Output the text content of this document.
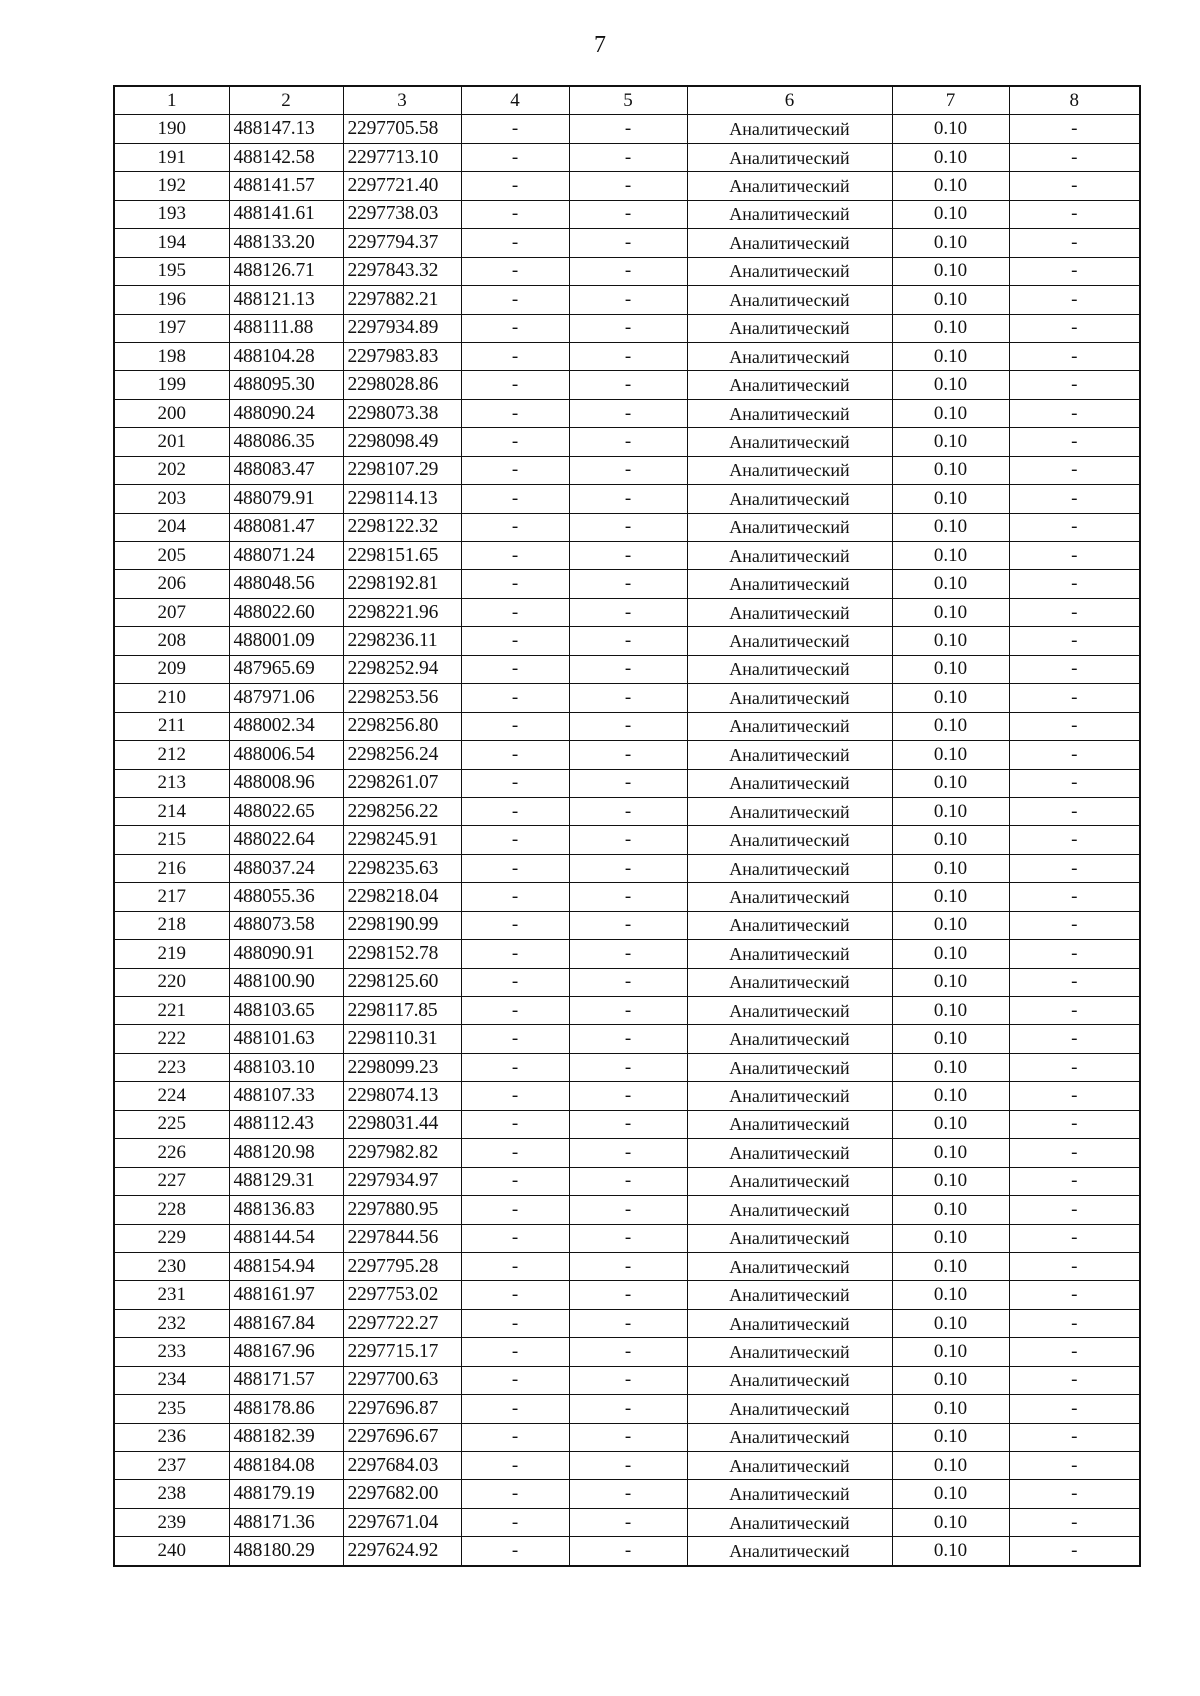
7
1	2	3	4	5	6	7	8
190	488147.13	2297705.58	-	-	Аналитический	0.10	-
191	488142.58	2297713.10	-	-	Аналитический	0.10	-
192	488141.57	2297721.40	-	-	Аналитический	0.10	-
193	488141.61	2297738.03	-	-	Аналитический	0.10	-
194	488133.20	2297794.37	-	-	Аналитический	0.10	-
195	488126.71	2297843.32	-	-	Аналитический	0.10	-
196	488121.13	2297882.21	-	-	Аналитический	0.10	-
197	488111.88	2297934.89	-	-	Аналитический	0.10	-
198	488104.28	2297983.83	-	-	Аналитический	0.10	-
199	488095.30	2298028.86	-	-	Аналитический	0.10	-
200	488090.24	2298073.38	-	-	Аналитический	0.10	-
201	488086.35	2298098.49	-	-	Аналитический	0.10	-
202	488083.47	2298107.29	-	-	Аналитический	0.10	-
203	488079.91	2298114.13	-	-	Аналитический	0.10	-
204	488081.47	2298122.32	-	-	Аналитический	0.10	-
205	488071.24	2298151.65	-	-	Аналитический	0.10	-
206	488048.56	2298192.81	-	-	Аналитический	0.10	-
207	488022.60	2298221.96	-	-	Аналитический	0.10	-
208	488001.09	2298236.11	-	-	Аналитический	0.10	-
209	487965.69	2298252.94	-	-	Аналитический	0.10	-
210	487971.06	2298253.56	-	-	Аналитический	0.10	-
211	488002.34	2298256.80	-	-	Аналитический	0.10	-
212	488006.54	2298256.24	-	-	Аналитический	0.10	-
213	488008.96	2298261.07	-	-	Аналитический	0.10	-
214	488022.65	2298256.22	-	-	Аналитический	0.10	-
215	488022.64	2298245.91	-	-	Аналитический	0.10	-
216	488037.24	2298235.63	-	-	Аналитический	0.10	-
217	488055.36	2298218.04	-	-	Аналитический	0.10	-
218	488073.58	2298190.99	-	-	Аналитический	0.10	-
219	488090.91	2298152.78	-	-	Аналитический	0.10	-
220	488100.90	2298125.60	-	-	Аналитический	0.10	-
221	488103.65	2298117.85	-	-	Аналитический	0.10	-
222	488101.63	2298110.31	-	-	Аналитический	0.10	-
223	488103.10	2298099.23	-	-	Аналитический	0.10	-
224	488107.33	2298074.13	-	-	Аналитический	0.10	-
225	488112.43	2298031.44	-	-	Аналитический	0.10	-
226	488120.98	2297982.82	-	-	Аналитический	0.10	-
227	488129.31	2297934.97	-	-	Аналитический	0.10	-
228	488136.83	2297880.95	-	-	Аналитический	0.10	-
229	488144.54	2297844.56	-	-	Аналитический	0.10	-
230	488154.94	2297795.28	-	-	Аналитический	0.10	-
231	488161.97	2297753.02	-	-	Аналитический	0.10	-
232	488167.84	2297722.27	-	-	Аналитический	0.10	-
233	488167.96	2297715.17	-	-	Аналитический	0.10	-
234	488171.57	2297700.63	-	-	Аналитический	0.10	-
235	488178.86	2297696.87	-	-	Аналитический	0.10	-
236	488182.39	2297696.67	-	-	Аналитический	0.10	-
237	488184.08	2297684.03	-	-	Аналитический	0.10	-
238	488179.19	2297682.00	-	-	Аналитический	0.10	-
239	488171.36	2297671.04	-	-	Аналитический	0.10	-
240	488180.29	2297624.92	-	-	Аналитический	0.10	-
